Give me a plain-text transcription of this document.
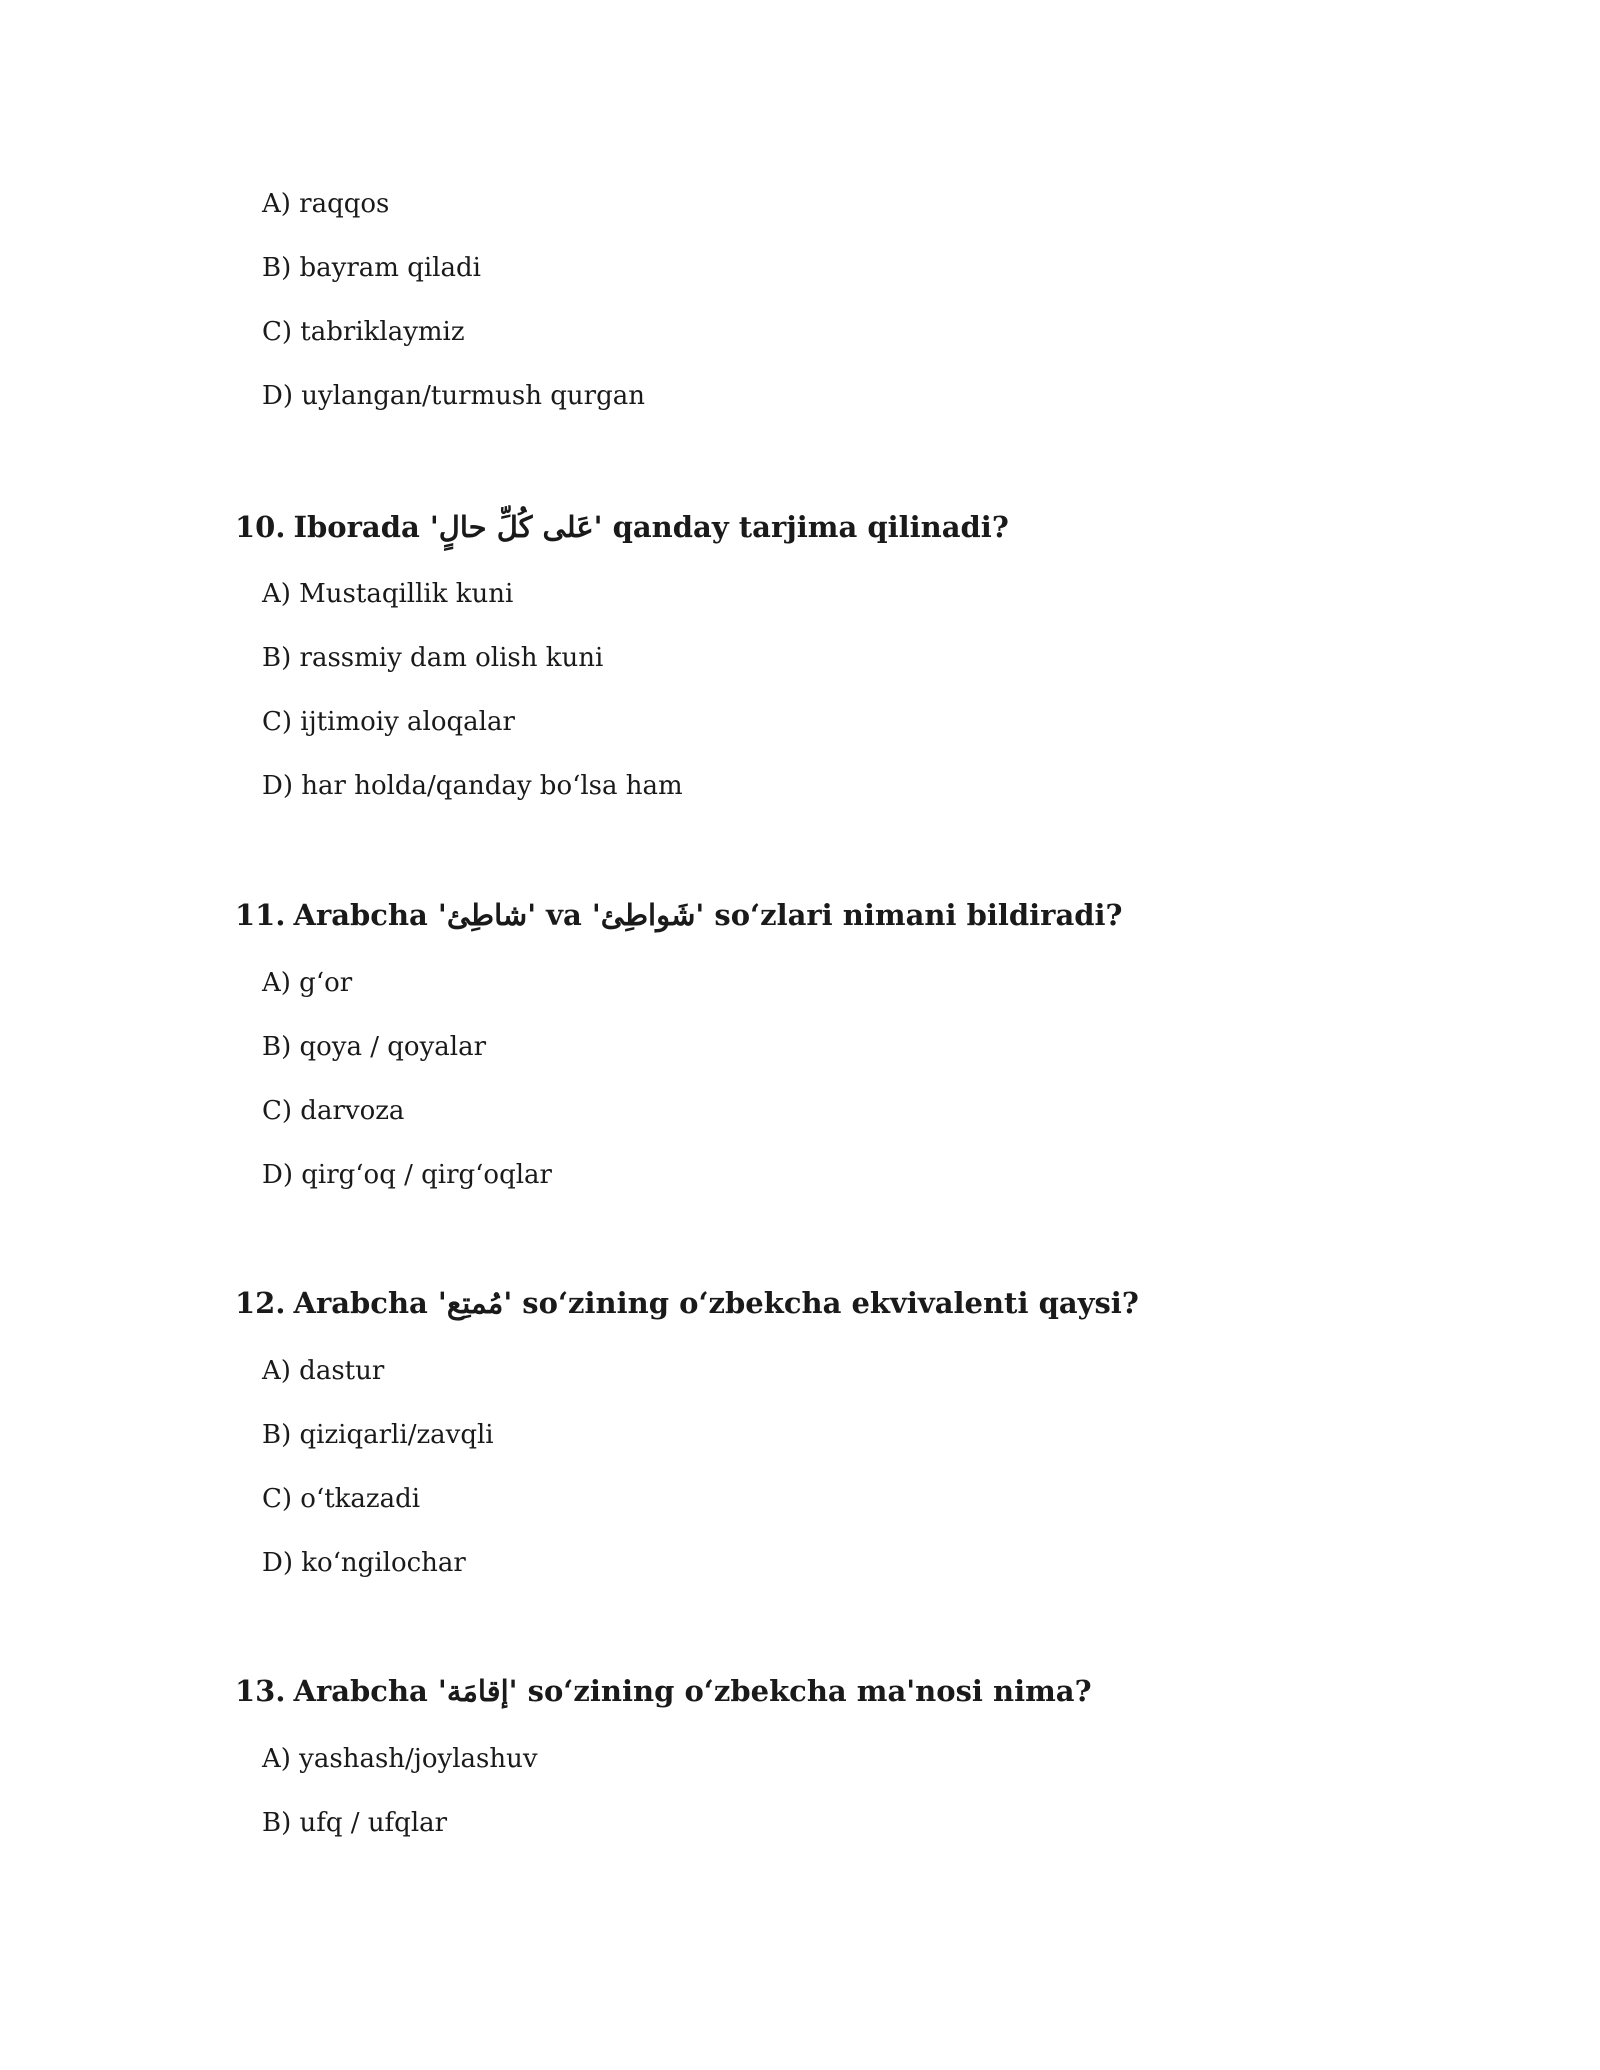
A) raqqos
B) bayram qiladi
C) tabriklaymiz
D) uylangan/turmush qurgan
10. Iborada 'عَلى كُلِّ حالٍ' qanday tarjima qilinadi?
A) Mustaqillik kuni
B) rassmiy dam olish kuni
C) ijtimoiy aloqalar
D) har holda/qanday bo‘lsa ham
11. Arabcha 'شاطِئ' va 'شَواطِئ' so‘zlari nimani bildiradi?
A) g‘or
B) qoya / qoyalar
C) darvoza
D) qirg‘oq / qirg‘oqlar
12. Arabcha 'مُمتِع' so‘zining o‘zbekcha ekvivalenti qaysi?
A) dastur
B) qiziqarli/zavqli
C) o‘tkazadi
D) ko‘ngilochar
13. Arabcha 'إقامَة' so‘zining o‘zbekcha ma'nosi nima?
A) yashash/joylashuv
B) ufq / ufqlar
